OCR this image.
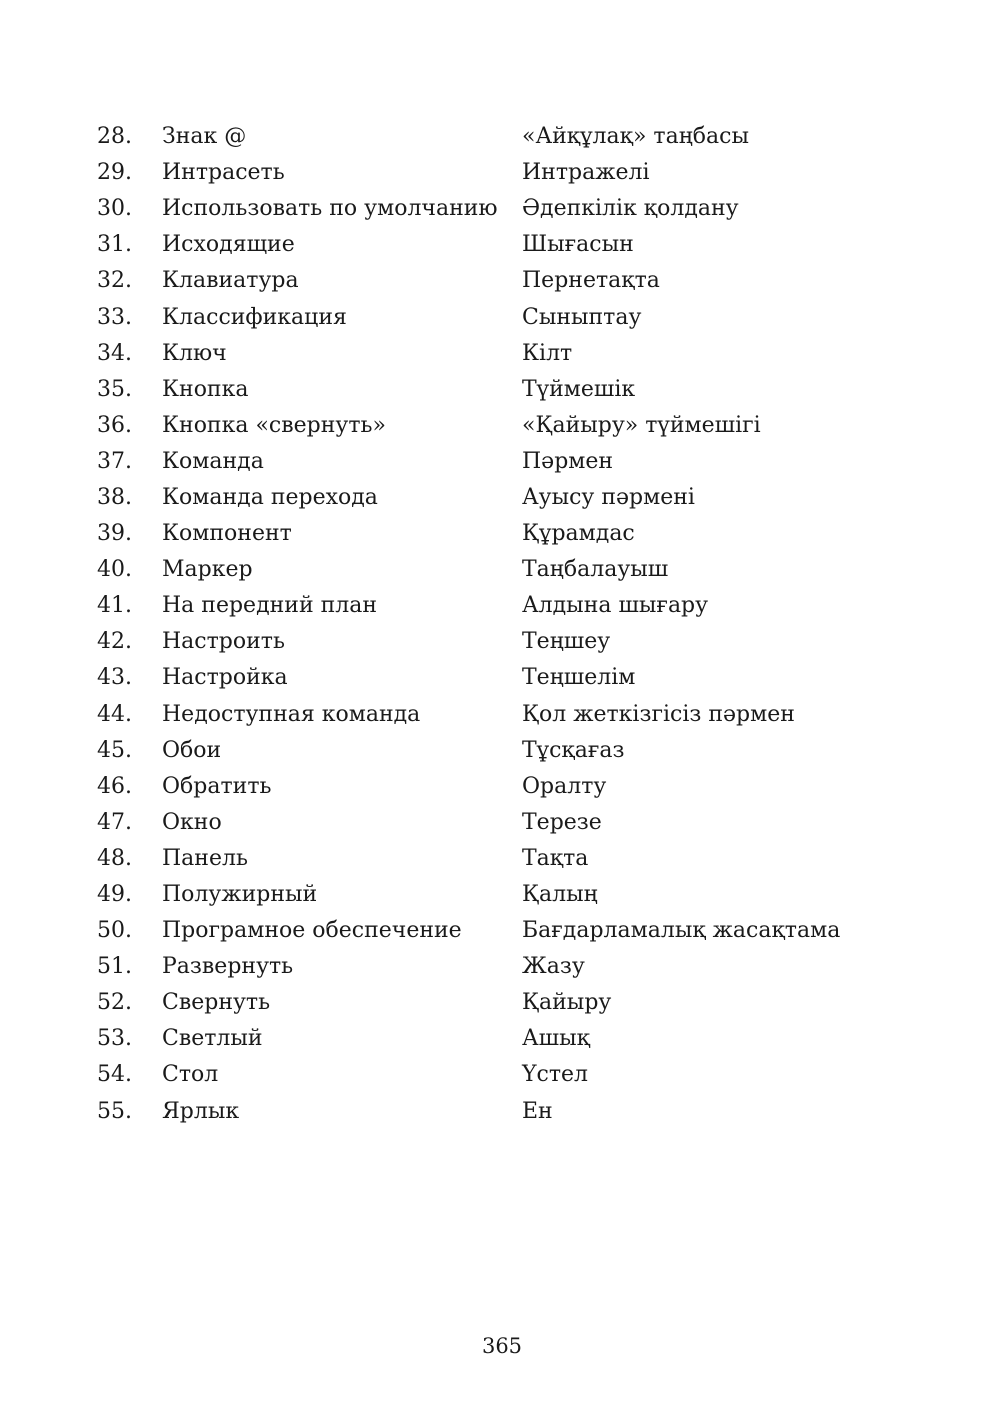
28.	Знак @	«Айқұлақ» таңбасы
29.	Интрасеть	Интражелі
30.	Использовать по умолчанию	Әдепкілік қолдану
31.	Исходящие	Шығасын
32.	Клавиатура	Пернетақта
33.	Классификация	Сыныптау
34.	Ключ	Кілт
35.	Кнопка	Түймешік
36.	Кнопка «свернуть»	«Қайыру» түймешігі
37.	Команда	Пәрмен
38.	Команда перехода	Ауысу пәрмені
39.	Компонент	Құрамдас
40.	Маркер	Таңбалауыш
41.	На передний план	Алдына шығару
42.	Настроить	Теңшеу
43.	Настройка	Теңшелім
44.	Недоступная команда	Қол жеткізгісіз пәрмен
45.	Обои	Тұсқағаз
46.	Обратить	Оралту
47.	Окно	Терезе
48.	Панель	Тақта
49.	Полужирный	Қалың
50.	Програмное обеспечение	Бағдарламалық жасақтама
51.	Развернуть	Жазу
52.	Свернуть	Қайыру
53.	Светлый	Ашық
54.	Стол	Үстел
55.	Ярлык	Ен
365
